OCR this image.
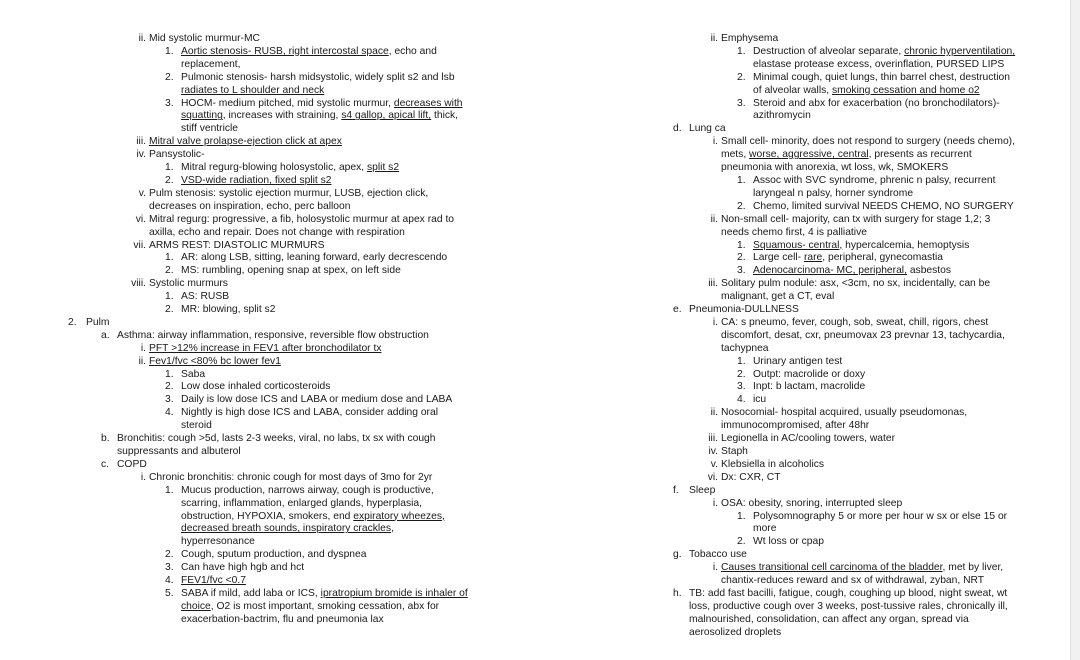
ii. Mid systolic murmur-MC
1. Aortic stenosis- RUSB, right intercostal space, echo and replacement,
2. Pulmonic stenosis- harsh midsystolic, widely split s2 and lsb radiates to L shoulder and neck
3. HOCM- medium pitched, mid systolic murmur, decreases with squatting, increases with straining, s4 gallop, apical lift, thick, stiff ventricle
iii. Mitral valve prolapse-ejection click at apex
iv. Pansystolic-
1. Mitral regurg-blowing holosystolic, apex, split s2
2. VSD-wide radiation, fixed split s2
v. Pulm stenosis: systolic ejection murmur, LUSB, ejection click, decreases on inspiration, echo, perc balloon
vi. Mitral regurg: progressive, a fib, holosystolic murmur at apex rad to axilla, echo and repair. Does not change with respiration
vii. ARMS REST: DIASTOLIC MURMURS
1. AR: along LSB, sitting, leaning forward, early decrescendo
2. MS: rumbling, opening snap at spex, on left side
viii. Systolic murmurs
1. AS: RUSB
2. MR: blowing, split s2
2. Pulm
a. Asthma: airway inflammation, responsive, reversible flow obstruction
i. PFT >12% increase in FEV1 after bronchodilator tx
ii. Fev1/fvc <80% bc lower fev1
1. Saba
2. Low dose inhaled corticosteroids
3. Daily is low dose ICS and LABA or medium dose and LABA
4. Nightly is high dose ICS and LABA, consider adding oral steroid
b. Bronchitis: cough >5d, lasts 2-3 weeks, viral, no labs, tx sx with cough suppressants and albuterol
c. COPD
i. Chronic bronchitis: chronic cough for most days of 3mo for 2yr
1. Mucus production, narrows airway, cough is productive, scarring, inflammation, enlarged glands, hyperplasia, obstruction, HYPOXIA, smokers, end expiratory wheezes, decreased breath sounds, inspiratory crackles, hyperresonance
2. Cough, sputum production, and dyspnea
3. Can have high hgb and hct
4. FEV1/fvc <0.7
5. SABA if mild, add laba or ICS, ipratropium bromide is inhaler of choice, O2 is most important, smoking cessation, abx for exacerbation-bactrim, flu and pneumonia lax
ii. Emphysema
1. Destruction of alveolar separate, chronic hyperventilation, elastase protease excess, overinflation, PURSED LIPS
2. Minimal cough, quiet lungs, thin barrel chest, destruction of alveolar walls, smoking cessation and home o2
3. Steroid and abx for exacerbation (no bronchodilators)- azithromycin
d. Lung ca
i. Small cell- minority, does not respond to surgery (needs chemo), mets, worse, aggressive, central, presents as recurrent pneumonia with anorexia, wt loss, wk, SMOKERS
1. Assoc with SVC syndrome, phrenic n palsy, recurrent laryngeal n palsy, horner syndrome
2. Chemo, limited survival NEEDS CHEMO, NO SURGERY
ii. Non-small cell- majority, can tx with surgery for stage 1,2; 3 needs chemo first, 4 is palliative
1. Squamous- central, hypercalcemia, hemoptysis
2. Large cell- rare, peripheral, gynecomastia
3. Adenocarcinoma- MC, peripheral, asbestos
iii. Solitary pulm nodule: asx, <3cm, no sx, incidentally, can be malignant, get a CT, eval
e. Pneumonia-DULLNESS
i. CA: s pneumo, fever, cough, sob, sweat, chill, rigors, chest discomfort, desat, cxr, pneumovax 23 prevnar 13, tachycardia, tachypnea
1. Urinary antigen test
2. Outpt: macrolide or doxy
3. Inpt: b lactam, macrolide
4. icu
ii. Nosocomial- hospital acquired, usually pseudomonas, immunocompromised, after 48hr
iii. Legionella in AC/cooling towers, water
iv. Staph
v. Klebsiella in alcoholics
vi. Dx: CXR, CT
f. Sleep
i. OSA: obesity, snoring, interrupted sleep
1. Polysomnography 5 or more per hour w sx or else 15 or more
2. Wt loss or cpap
g. Tobacco use
i. Causes transitional cell carcinoma of the bladder, met by liver, chantix-reduces reward and sx of withdrawal, zyban, NRT
h. TB: add fast bacilli, fatigue, cough, coughing up blood, night sweat, wt loss, productive cough over 3 weeks, post-tussive rales, chronically ill, malnourished, consolidation, can affect any organ, spread via aerosolized droplets
